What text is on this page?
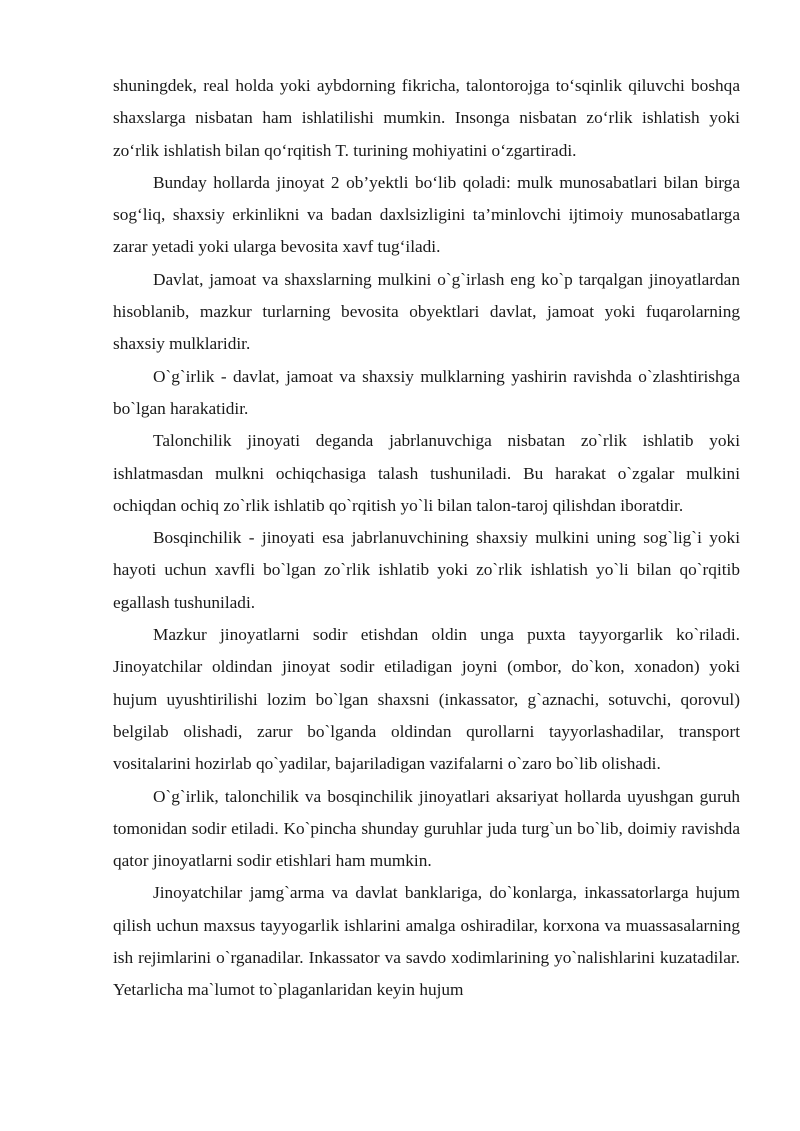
shuningdek, real holda yoki aybdorning fikricha, talontorojga to‘sqinlik qiluvchi boshqa shaxslarga nisbatan ham ishlatilishi mumkin. Insonga nisbatan zo‘rlik ishlatish yoki zo‘rlik ishlatish bilan qo‘rqitish T. turining mohiyatini o‘zgartiradi.

Bunday hollarda jinoyat 2 ob’yektli bo‘lib qoladi: mulk munosabatlari bilan birga sog‘liq, shaxsiy erkinlikni va badan daxlsizligini ta’minlovchi ijtimoiy munosabatlarga zarar yetadi yoki ularga bevosita xavf tug‘iladi.

Davlat, jamoat va shaxslarning mulkini o`g`irlash eng ko`p tarqalgan jinoyatlardan hisoblanib, mazkur turlarning bevosita obyektlari davlat, jamoat yoki fuqarolarning shaxsiy mulklaridir.

O`g`irlik - davlat, jamoat va shaxsiy mulklarning yashirin ravishda o`zlashtirishga bo`lgan harakatidir.

Talonchilik jinoyati deganda jabrlanuvchiga nisbatan zo`rlik ishlatib yoki ishlatmasdan mulkni ochiqchasiga talash tushuniladi. Bu harakat o`zgalar mulkini ochiqdan ochiq zo`rlik ishlatib qo`rqitish yo`li bilan talon-taroj qilishdan iboratdir.

Bosqinchilik - jinoyati esa jabrlanuvchining shaxsiy mulkini uning sog`lig`i yoki hayoti uchun xavfli bo`lgan zo`rlik ishlatib yoki zo`rlik ishlatish yo`li bilan qo`rqitib egallash tushuniladi.

Mazkur jinoyatlarni sodir etishdan oldin unga puxta tayyorgarlik ko`riladi. Jinoyatchilar oldindan jinoyat sodir etiladigan joyni (ombor, do`kon, xonadon) yoki hujum uyushtirilishi lozim bo`lgan shaxsni (inkassator, g`aznachi, sotuvchi, qorovul) belgilab olishadi, zarur bo`lganda oldindan qurollarni tayyorlashadilar, transport vositalarini hozirlab qo`yadilar, bajariladigan vazifalarni o`zaro bo`lib olishadi.

O`g`irlik, talonchilik va bosqinchilik jinoyatlari aksariyat hollarda uyushgan guruh tomonidan sodir etiladi. Ko`pincha shunday guruhlar juda turg`un bo`lib, doimiy ravishda qator jinoyatlarni sodir etishlari ham mumkin.

Jinoyatchilar jamg`arma va davlat banklariga, do`konlarga, inkassatorlarga hujum qilish uchun maxsus tayyogarlik ishlarini amalga oshiradilar, korxona va muassasalarning ish rejimlarini o`rganadilar. Inkassator va savdo xodimlarining yo`nalishlarini kuzatadilar. Yetarlicha ma`lumot to`plaganlaridan keyin hujum
